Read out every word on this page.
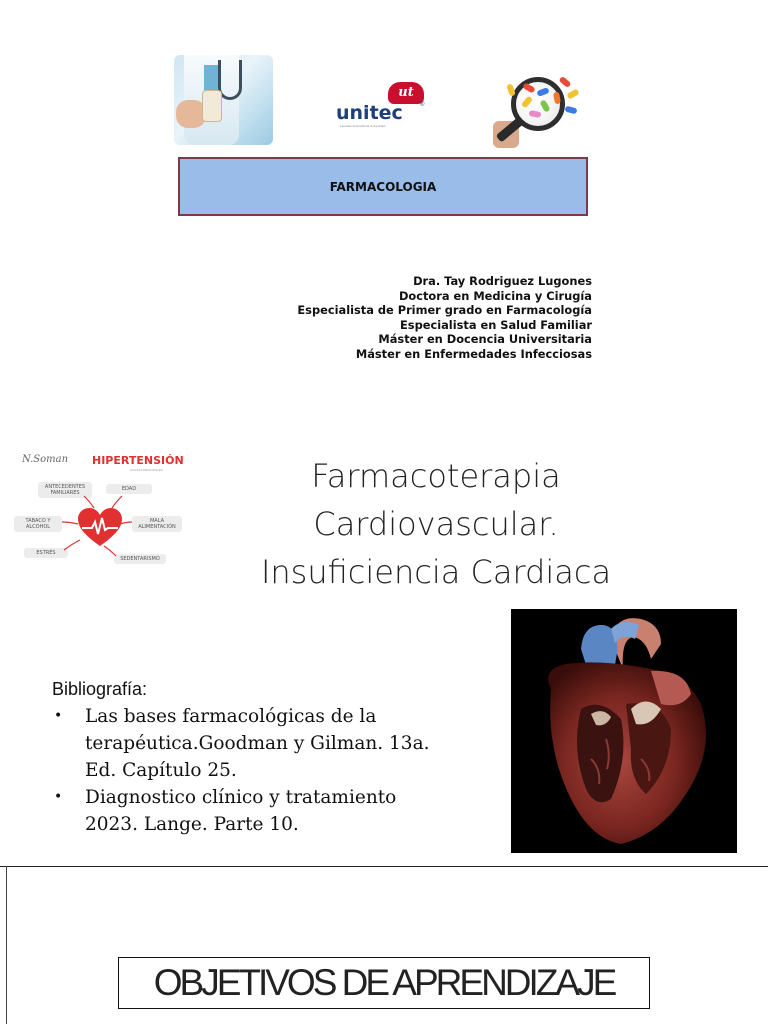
ut
unitec	®
Laureate International Universities
FARMACOLOGIA
Dra. Tay Rodriguez Lugones
Doctora en Medicina y Cirugía
Especialista de Primer grado en Farmacología
Especialista en Salud Familiar
Máster en Docencia Universitaria
Máster en Enfermedades Infecciosas
N.Soman HIPERTENSIÓN
CAUSAS PRINCIPALES
ANTECEDENTES FAMILIARES
EDAD
TABACO Y ALCOHOL
MALA ALIMENTACIÓN
ESTRÉS
SEDENTARISMO
Farmacoterapia
Cardiovascular.
Insuficiencia Cardiaca
Bibliografía:
• Las bases farmacológicas de la terapéutica.Goodman y Gilman. 13a. Ed. Capítulo 25.
• Diagnostico clínico y tratamiento 2023. Lange. Parte 10.
OBJETIVOS DE APRENDIZAJE
